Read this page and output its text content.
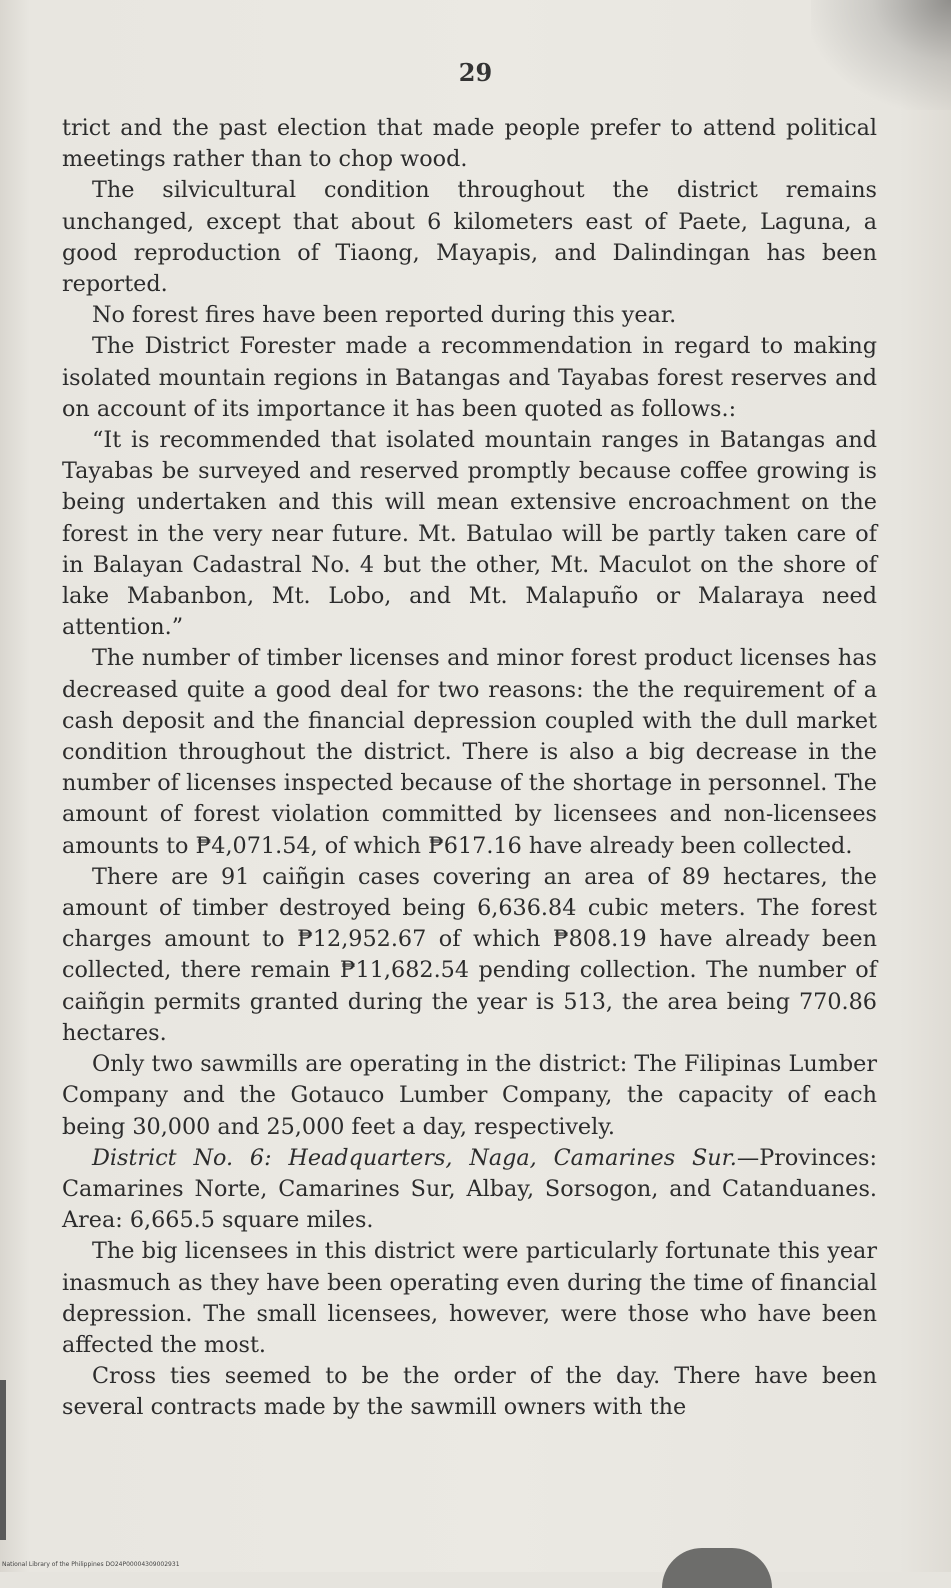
29

trict and the past election that made people prefer to attend political meetings rather than to chop wood.

The silvicultural condition throughout the district remains unchanged, except that about 6 kilometers east of Paete, Laguna, a good reproduction of Tiaong, Mayapis, and Dalindingan has been reported.

No forest fires have been reported during this year.

The District Forester made a recommendation in regard to making isolated mountain regions in Batangas and Tayabas forest reserves and on account of its importance it has been quoted as follows.:

“It is recommended that isolated mountain ranges in Batangas and Tayabas be surveyed and reserved promptly because coffee growing is being undertaken and this will mean extensive encroachment on the forest in the very near future. Mt. Batulao will be partly taken care of in Balayan Cadastral No. 4 but the other, Mt. Maculot on the shore of lake Mabanbon, Mt. Lobo, and Mt. Malapuño or Malaraya need attention.”

The number of timber licenses and minor forest product licenses has decreased quite a good deal for two reasons: the the requirement of a cash deposit and the financial depression coupled with the dull market condition throughout the district. There is also a big decrease in the number of licenses inspected because of the shortage in personnel. The amount of forest violation committed by licensees and non-licensees amounts to ₱4,071.54, of which ₱617.16 have already been collected.

There are 91 caiñgin cases covering an area of 89 hectares, the amount of timber destroyed being 6,636.84 cubic meters. The forest charges amount to ₱12,952.67 of which ₱808.19 have already been collected, there remain ₱11,682.54 pending collection. The number of caiñgin permits granted during the year is 513, the area being 770.86 hectares.

Only two sawmills are operating in the district: The Filipinas Lumber Company and the Gotauco Lumber Company, the capacity of each being 30,000 and 25,000 feet a day, respectively.

District No. 6: Headquarters, Naga, Camarines Sur.—Provinces: Camarines Norte, Camarines Sur, Albay, Sorsogon, and Catanduanes. Area: 6,665.5 square miles.

The big licensees in this district were particularly fortunate this year inasmuch as they have been operating even during the time of financial depression. The small licensees, however, were those who have been affected the most.

Cross ties seemed to be the order of the day. There have been several contracts made by the sawmill owners with the

National Library of the Philippines DO24P00004309002931
